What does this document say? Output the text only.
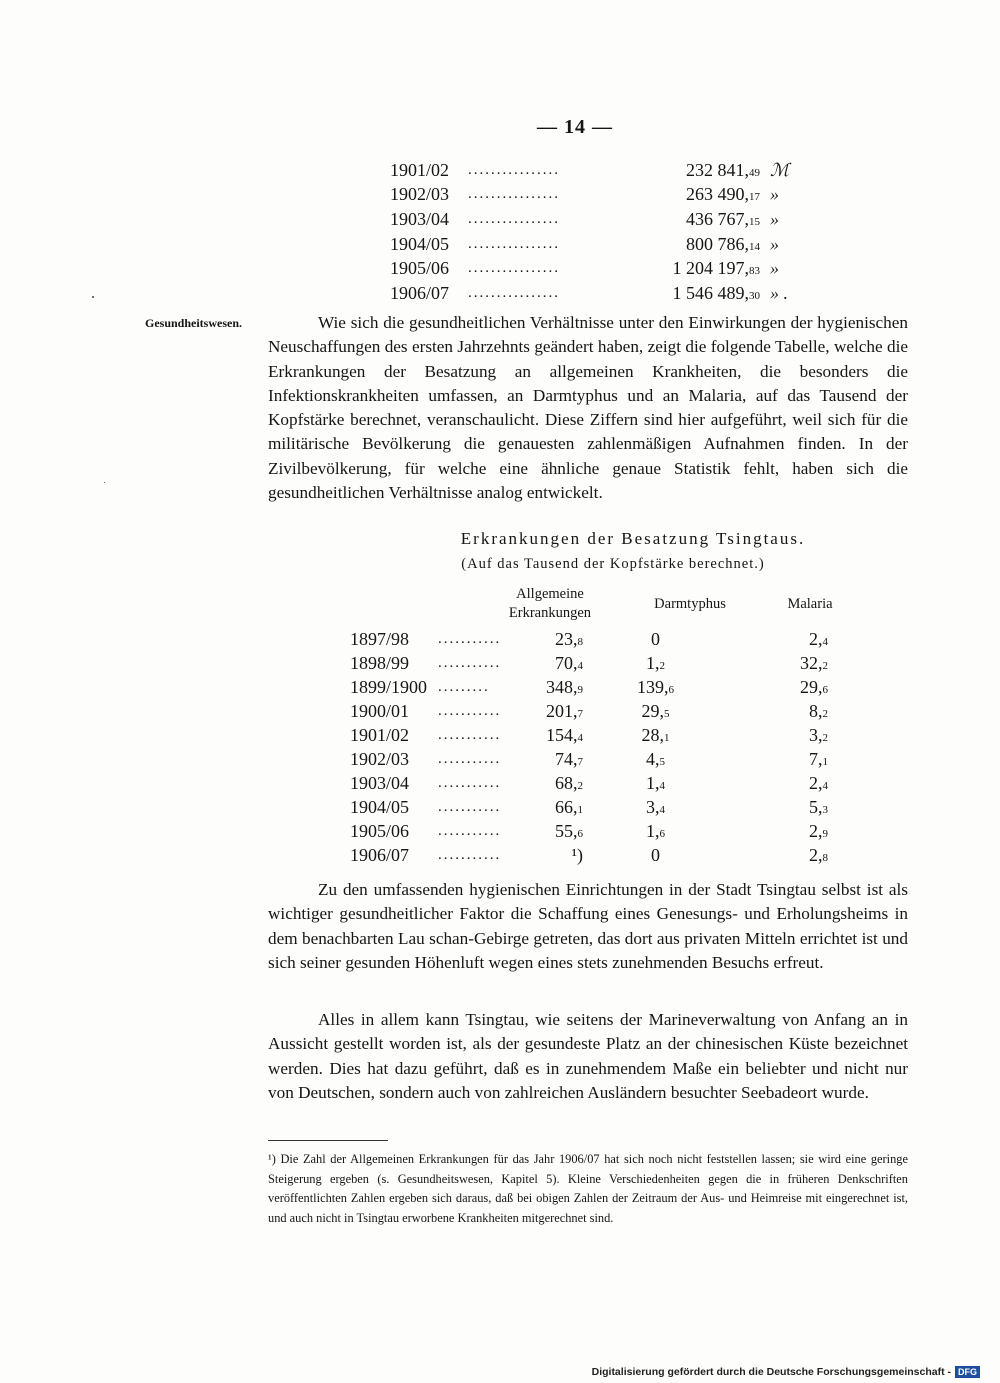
— 14 —
1901/02	................	232 841,49 ℳ
1902/03	................	263 490,17 »
1903/04	................	436 767,15 »
1904/05	................	800 786,14 »
1905/06	................	1 204 197,83 »
1906/07	................	1 546 489,30 » .
Gesundheitswesen.	Wie sich die gesundheitlichen Verhältnisse unter den Einwirkungen der hygienischen Neuschaffungen des ersten Jahrzehnts geändert haben, zeigt die folgende Tabelle, welche die Erkrankungen der Besatzung an allgemeinen Krankheiten, die besonders die Infektionskrankheiten umfassen, an Darmtyphus und an Malaria, auf das Tausend der Kopfstärke berechnet, veranschaulicht. Diese Ziffern sind hier aufgeführt, weil sich für die militärische Bevölkerung die genauesten zahlenmäßigen Aufnahmen finden. In der Zivilbevölkerung, für welche eine ähnliche genaue Statistik fehlt, haben sich die gesundheitlichen Verhältnisse analog entwickelt.

Erkrankungen der Besatzung Tsingtaus.
(Auf das Tausend der Kopfstärke berechnet.)
Allgemeine
Erkrankungen
Darmtyphus	Malaria
1897/98	...........	23,8	0	2,4
1898/99	...........	70,4	1,2	32,2
1899/1900 .........	348,9	139,6	29,6
1900/01	...........	201,7	29,5	8,2
1901/02	...........	154,4	28,1	3,2
1902/03	...........	74,7	4,5	7,1
1903/04	...........	68,2	1,4	2,4
1904/05	...........	66,1	3,4	5,3
1905/06	...........	55,6	1,6	2,9
1906/07	...........	¹)	0	2,8

Zu den umfassenden hygienischen Einrichtungen in der Stadt Tsingtau selbst ist als wichtiger gesundheitlicher Faktor die Schaffung eines Genesungs- und Erholungsheims in dem benachbarten Lau schan-Gebirge getreten, das dort aus privaten Mitteln errichtet ist und sich seiner gesunden Höhenluft wegen eines stets zunehmenden Besuchs erfreut.

Alles in allem kann Tsingtau, wie seitens der Marineverwaltung von Anfang an in Aussicht gestellt worden ist, als der gesundeste Platz an der chinesischen Küste bezeichnet werden. Dies hat dazu geführt, daß es in zunehmendem Maße ein beliebter und nicht nur von Deutschen, sondern auch von zahlreichen Ausländern besuchter Seebadeort wurde.

¹) Die Zahl der Allgemeinen Erkrankungen für das Jahr 1906/07 hat sich noch nicht feststellen lassen; sie wird eine geringe Steigerung ergeben (s. Gesundheitswesen, Kapitel 5). Kleine Verschiedenheiten gegen die in früheren Denkschriften veröffentlichten Zahlen ergeben sich daraus, daß bei obigen Zahlen der Zeitraum der Aus- und Heimreise mit eingerechnet ist, und auch nicht in Tsingtau erworbene Krankheiten mitgerechnet sind.

Digitalisierung gefördert durch die Deutsche Forschungsgemeinschaft - DFG
